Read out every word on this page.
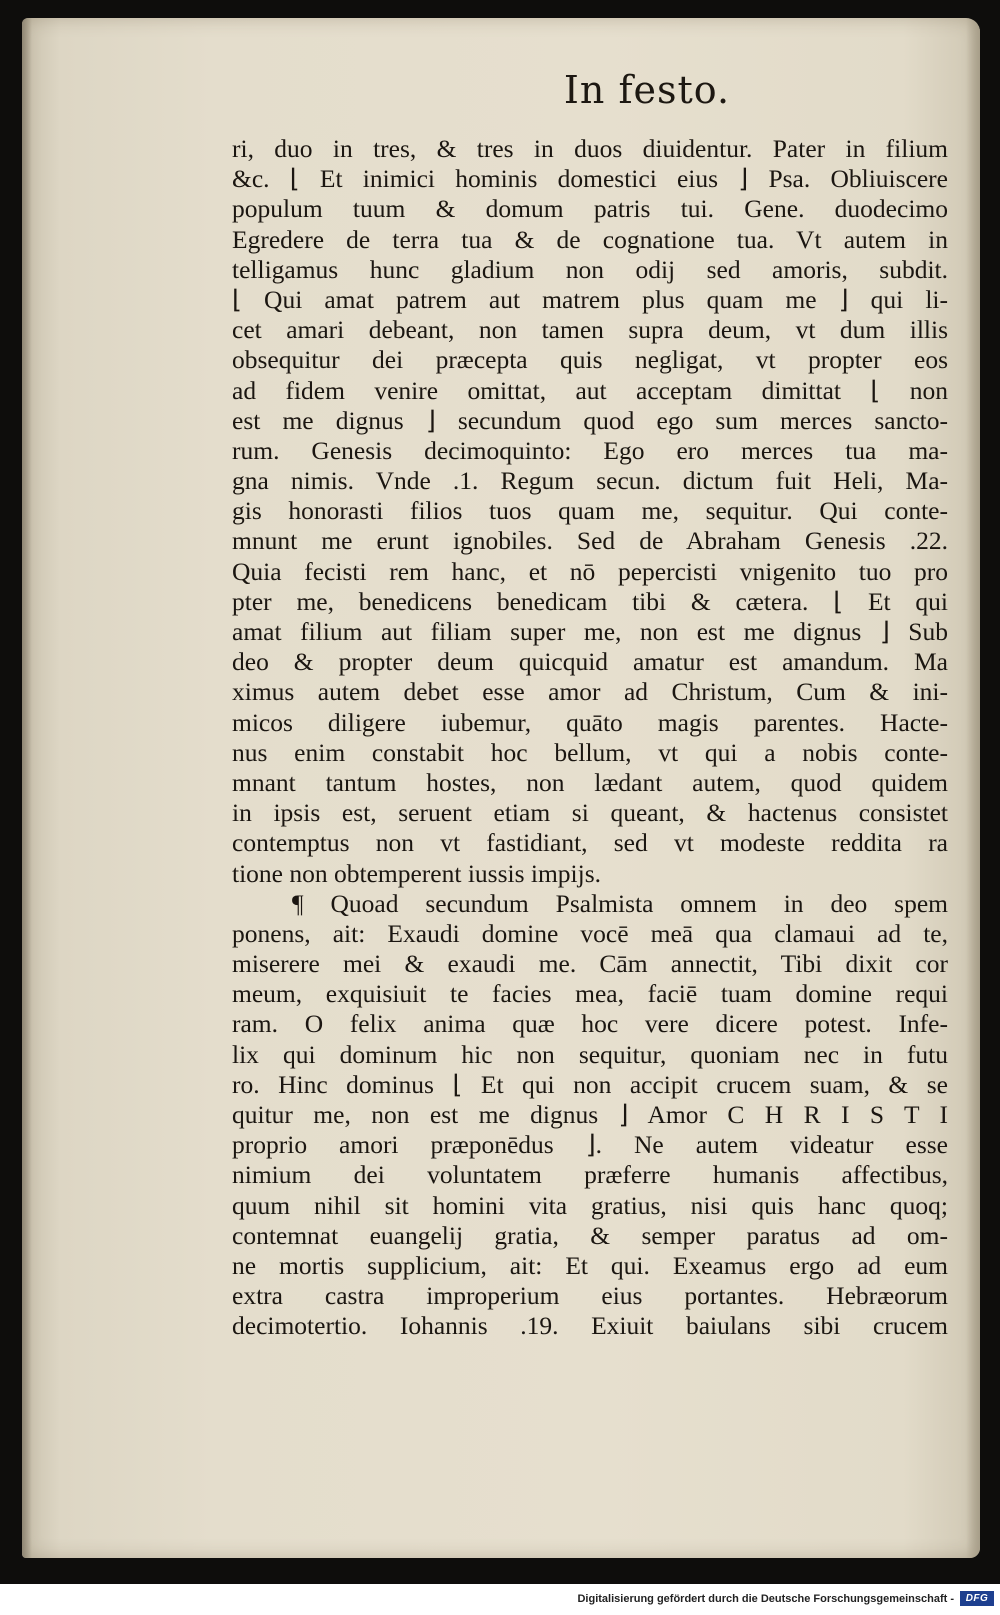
In festo.
ri, duo in tres, & tres in duos diuidentur. Pater in filium
&c. ⌊ Et inimici hominis domestici eius ⌋ Psa. Obliuiscere
populum tuum & domum patris tui. Gene. duodecimo
Egredere de terra tua & de cognatione tua. Vt autem in
telligamus hunc gladium non odij sed amoris, subdit.
⌊ Qui amat patrem aut matrem plus quam me ⌋ qui li-
cet amari debeant, non tamen supra deum, vt dum illis
obsequitur dei præcepta quis negligat, vt propter eos
ad fidem venire omittat, aut acceptam dimittat ⌊ non
est me dignus ⌋ secundum quod ego sum merces sancto-
rum. Genesis decimoquinto: Ego ero merces tua ma-
gna nimis. Vnde .1. Regum secun. dictum fuit Heli, Ma-
gis honorasti filios tuos quam me, sequitur. Qui conte-
mnunt me erunt ignobiles. Sed de Abraham Genesis .22.
Quia fecisti rem hanc, et nō pepercisti vnigenito tuo pro
pter me, benedicens benedicam tibi & cætera. ⌊ Et qui
amat filium aut filiam super me, non est me dignus ⌋ Sub
deo & propter deum quicquid amatur est amandum. Ma
ximus autem debet esse amor ad Christum, Cum & ini-
micos diligere iubemur, quāto magis parentes. Hacte-
nus enim constabit hoc bellum, vt qui a nobis conte-
mnant tantum hostes, non lædant autem, quod quidem
in ipsis est, seruent etiam si queant, & hactenus consistet
contemptus non vt fastidiant, sed vt modeste reddita ra
tione non obtemperent iussis impijs.
¶ Quoad secundum Psalmista omnem in deo spem
ponens, ait: Exaudi domine vocē meā qua clamaui ad te,
miserere mei & exaudi me. Cām annectit, Tibi dixit cor
meum, exquisiuit te facies mea, faciē tuam domine requi
ram. O felix anima quæ hoc vere dicere potest. Infe-
lix qui dominum hic non sequitur, quoniam nec in futu
ro. Hinc dominus ⌊ Et qui non accipit crucem suam, & se
quitur me, non est me dignus ⌋ Amor C H R I S T I
proprio amori præponēdus ⌋. Ne autem videatur esse
nimium dei voluntatem præferre humanis affectibus,
quum nihil sit homini vita gratius, nisi quis hanc quoq;
contemnat euangelij gratia, & semper paratus ad om-
ne mortis supplicium, ait: Et qui. Exeamus ergo ad eum
extra castra improperium eius portantes. Hebræorum
decimotertio. Iohannis .19. Exiuit baiulans sibi crucem
Digitalisierung gefördert durch die Deutsche Forschungsgemeinschaft -	DFG
